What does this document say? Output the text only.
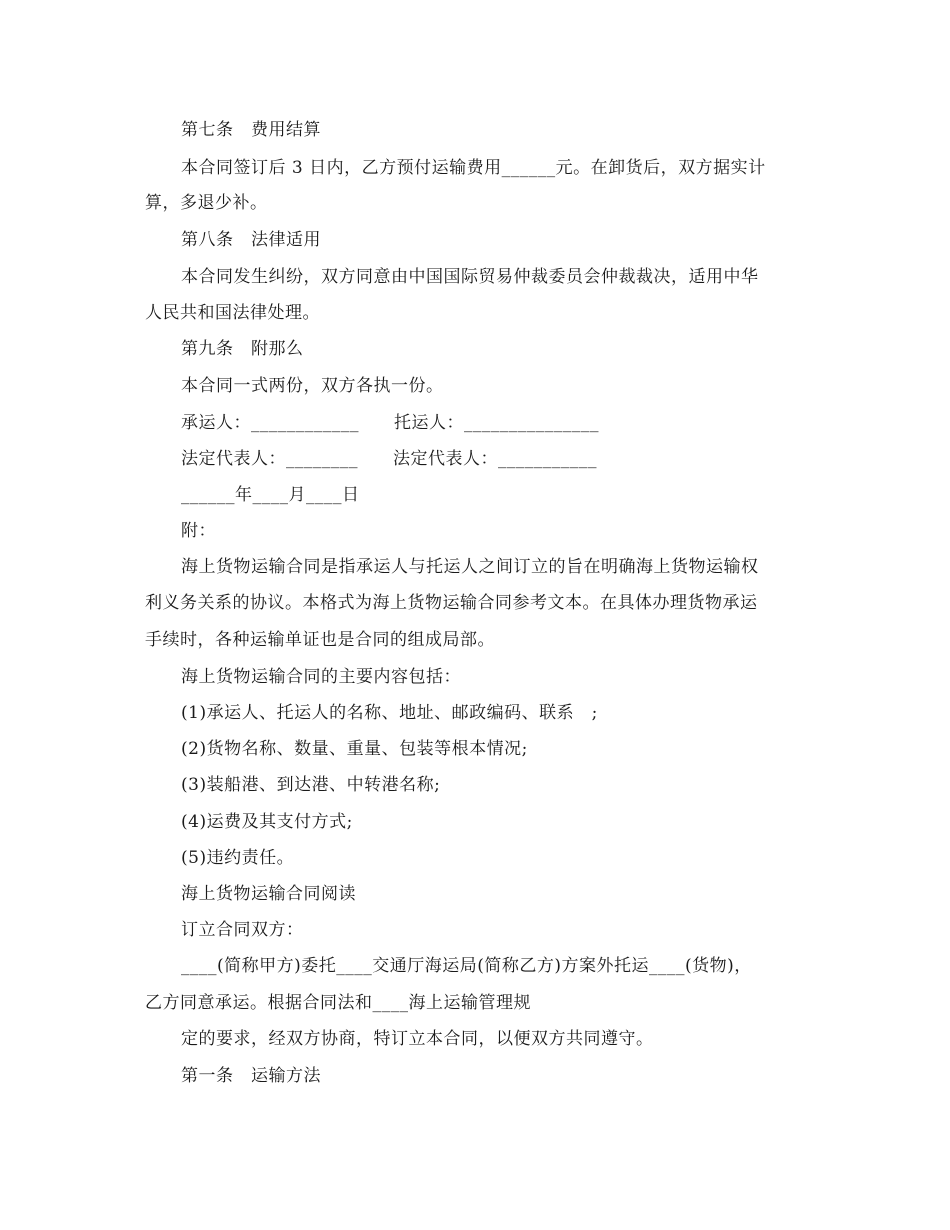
第七条　费用结算
本合同签订后 3 日内，乙方预付运输费用______元。在卸货后，双方据实计
算，多退少补。
第八条　法律适用
本合同发生纠纷，双方同意由中国国际贸易仲裁委员会仲裁裁决，适用中华
人民共和国法律处理。
第九条　附那么
本合同一式两份，双方各执一份。
承运人：____________　　托运人：_______________
法定代表人：________　　法定代表人：___________
______年____月____日
附：
海上货物运输合同是指承运人与托运人之间订立的旨在明确海上货物运输权
利义务关系的协议。本格式为海上货物运输合同参考文本。在具体办理货物承运
手续时，各种运输单证也是合同的组成局部。
海上货物运输合同的主要内容包括：
(1)承运人、托运人的名称、地址、邮政编码、联系　;
(2)货物名称、数量、重量、包装等根本情况;
(3)装船港、到达港、中转港名称;
(4)运费及其支付方式;
(5)违约责任。
海上货物运输合同阅读
订立合同双方：
____(简称甲方)委托____交通厅海运局(简称乙方)方案外托运____(货物)，
乙方同意承运。根据合同法和____海上运输管理规
定的要求，经双方协商，特订立本合同，以便双方共同遵守。
第一条　运输方法
